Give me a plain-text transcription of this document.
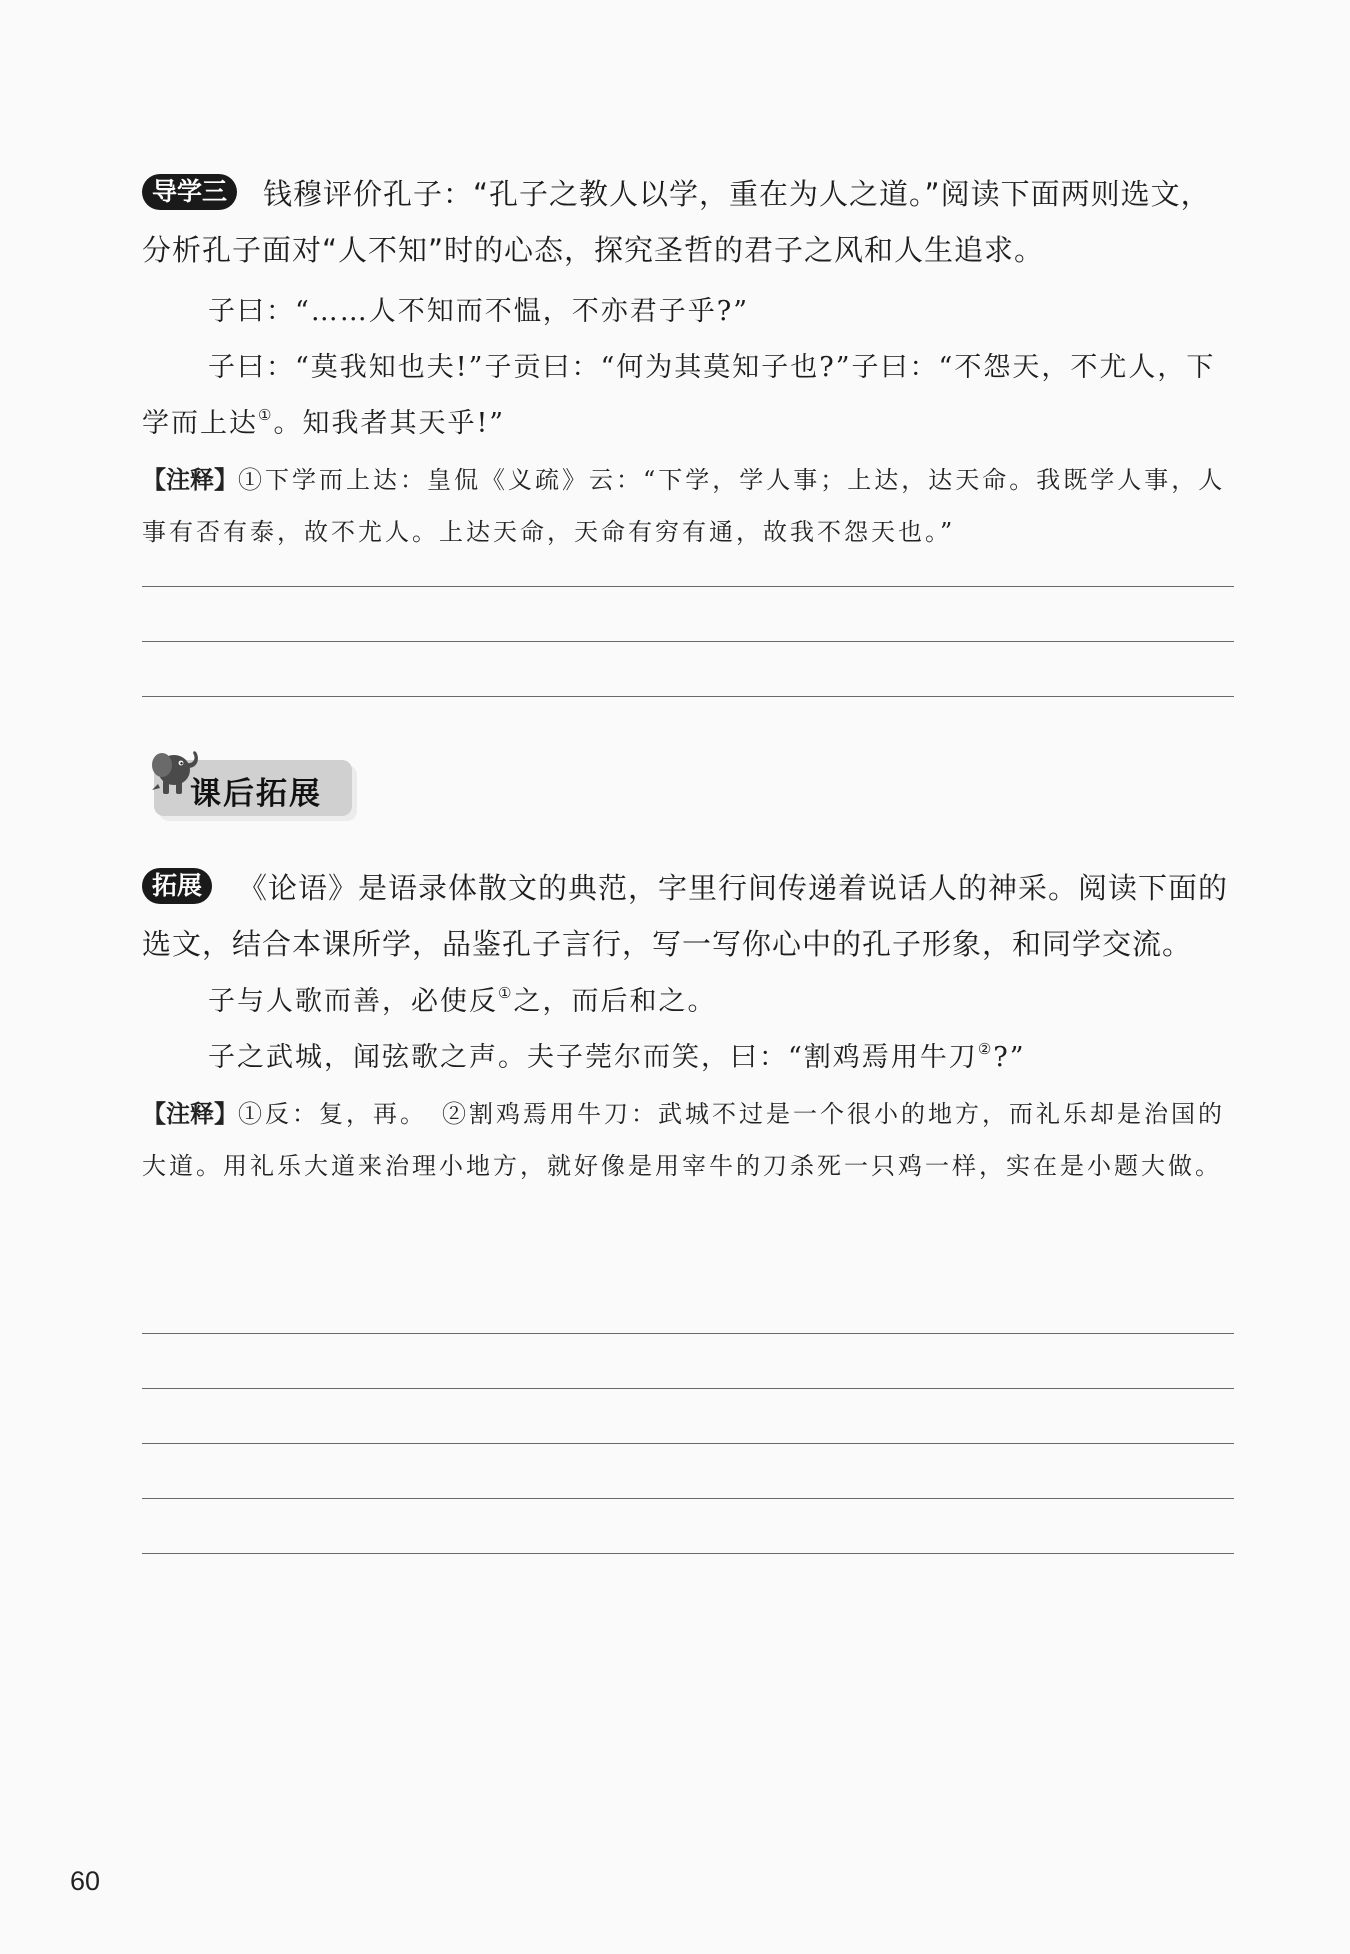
导学三 钱穆评价孔子：“孔子之教人以学，重在为人之道。”阅读下面两则选文，分析孔子面对“人不知”时的心态，探究圣哲的君子之风和人生追求。

子曰：“……人不知而不愠，不亦君子乎?”

子曰：“莫我知也夫!”子贡曰：“何为其莫知子也?”子曰：“不怨天，不尤人，下学而上达①。知我者其天乎!”

【注释】①下学而上达：皇侃《义疏》云：“下学，学人事；上达，达天命。我既学人事，人事有否有泰，故不尤人。上达天命，天命有穷有通，故我不怨天也。”

课后拓展

拓展 《论语》是语录体散文的典范，字里行间传递着说话人的神采。阅读下面的选文，结合本课所学，品鉴孔子言行，写一写你心中的孔子形象，和同学交流。

子与人歌而善，必使反①之，而后和之。

子之武城，闻弦歌之声。夫子莞尔而笑，曰：“割鸡焉用牛刀②?”

【注释】①反：复，再。　②割鸡焉用牛刀：武城不过是一个很小的地方，而礼乐却是治国的大道。用礼乐大道来治理小地方，就好像是用宰牛的刀杀死一只鸡一样，实在是小题大做。

60
